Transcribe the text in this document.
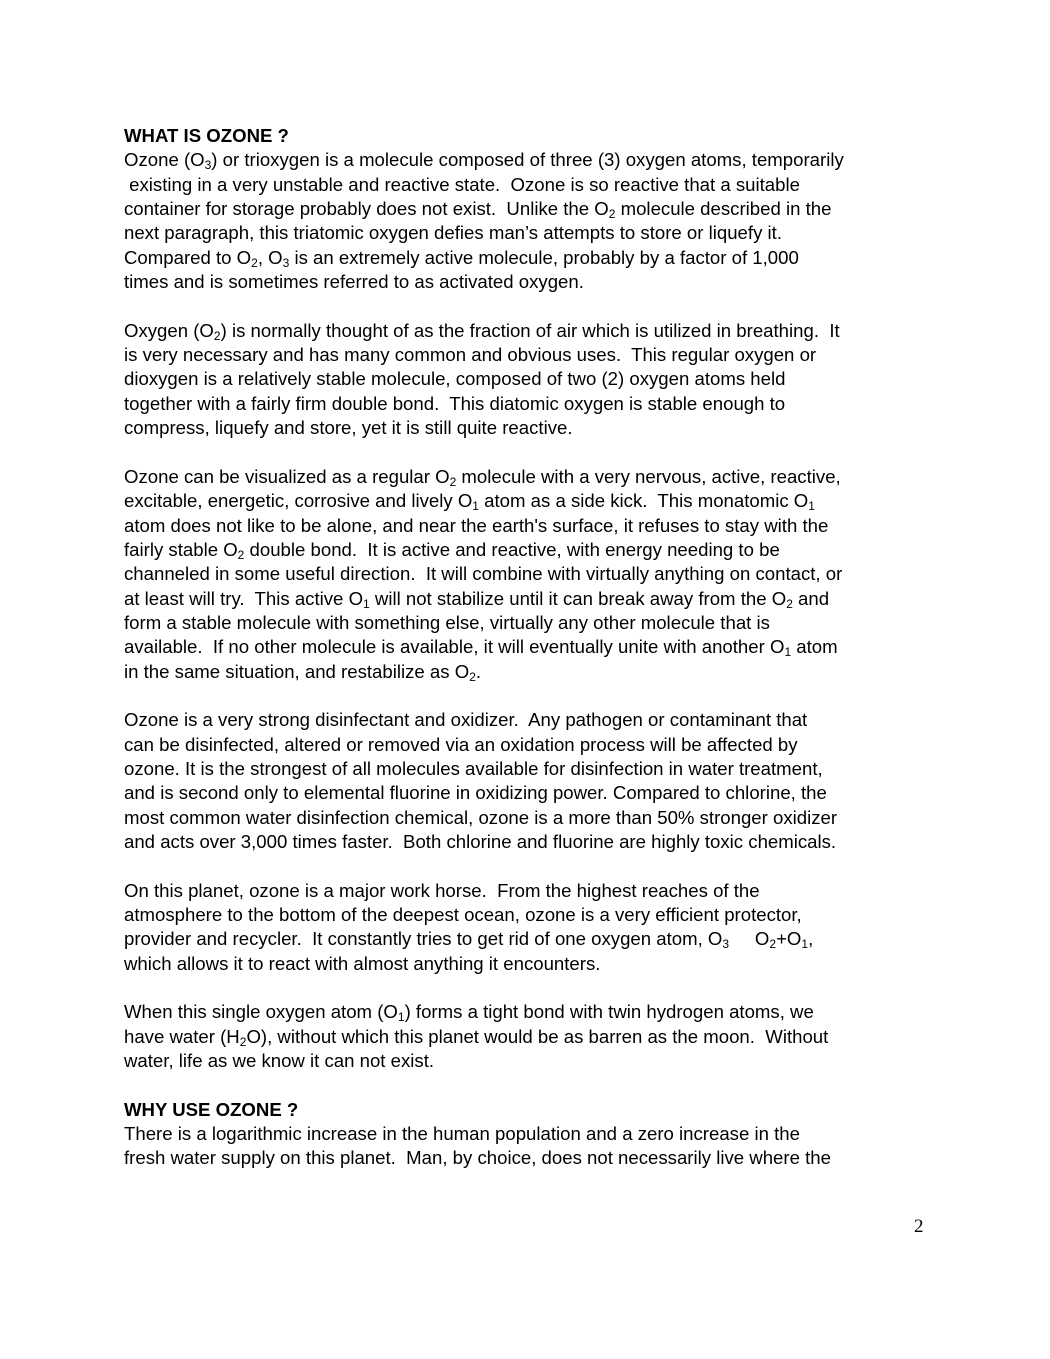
WHAT IS OZONE ?
Ozone $(O_3)$ or trioxygen is a molecule composed of three (3) oxygen atoms, temporarily
existing in a very unstable and reactive state.  Ozone is so reactive that a suitable
container for storage probably does not exist.  Unlike the $O_2$ molecule described in the
next paragraph, this triatomic oxygen defies man’s attempts to store or liquefy it.
Compared to $O_2$, $O_3$ is an extremely active molecule, probably by a factor of 1,000
times and is sometimes referred to as activated oxygen.
Oxygen $(O_2)$ is normally thought of as the fraction of air which is utilized in breathing.  It
is very necessary and has many common and obvious uses.  This regular oxygen or
dioxygen is a relatively stable molecule, composed of two (2) oxygen atoms held
together with a fairly firm double bond.  This diatomic oxygen is stable enough to
compress, liquefy and store, yet it is still quite reactive.
Ozone can be visualized as a regular $O_2$ molecule with a very nervous, active, reactive,
excitable, energetic, corrosive and lively $O_1$ atom as a side kick.  This monatomic $O_1$
atom does not like to be alone, and near the earth's surface, it refuses to stay with the
fairly stable $O_2$ double bond.  It is active and reactive, with energy needing to be
channeled in some useful direction.  It will combine with virtually anything on contact, or
at least will try.  This active $O_1$ will not stabilize until it can break away from the $O_2$ and
form a stable molecule with something else, virtually any other molecule that is
available.  If no other molecule is available, it will eventually unite with another $O_1$ atom
in the same situation, and restabilize as $O_2$.
Ozone is a very strong disinfectant and oxidizer.  Any pathogen or contaminant that
can be disinfected, altered or removed via an oxidation process will be affected by
ozone. It is the strongest of all molecules available for disinfection in water treatment,
and is second only to elemental fluorine in oxidizing power. Compared to chlorine, the
most common water disinfection chemical, ozone is a more than 50% stronger oxidizer
and acts over 3,000 times faster.  Both chlorine and fluorine are highly toxic chemicals.
On this planet, ozone is a major work horse.  From the highest reaches of the
atmosphere to the bottom of the deepest ocean, ozone is a very efficient protector,
provider and recycler.  It constantly tries to get rid of one oxygen atom, $O_3$     $O_2+O_1$,
which allows it to react with almost anything it encounters.
When this single oxygen atom $(O_1)$ forms a tight bond with twin hydrogen atoms, we
have water $(H_2O)$, without which this planet would be as barren as the moon.  Without
water, life as we know it can not exist.
WHY USE OZONE ?
There is a logarithmic increase in the human population and a zero increase in the
fresh water supply on this planet.  Man, by choice, does not necessarily live where the
2
